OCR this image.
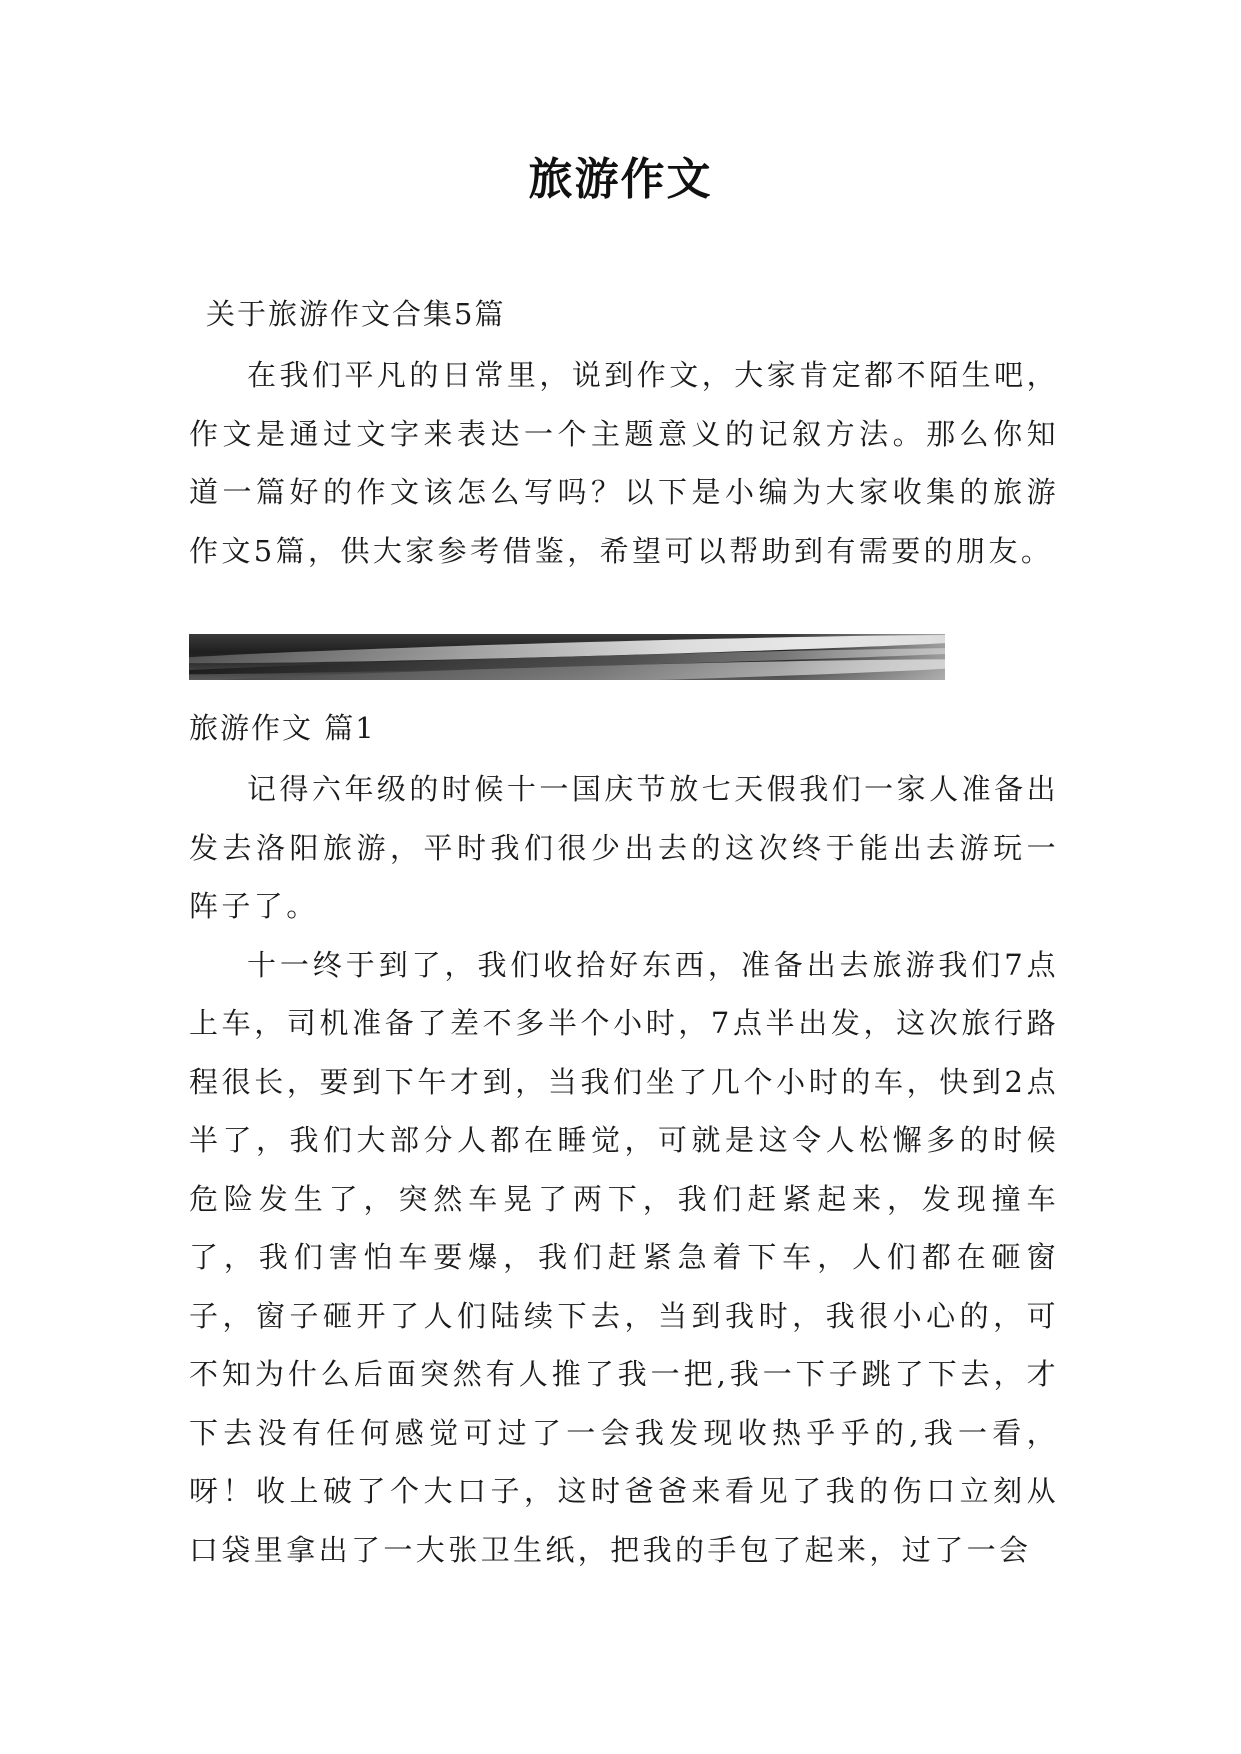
旅游作文
关于旅游作文合集5篇

在我们平凡的日常里，说到作文，大家肯定都不陌生吧，作文是通过文字来表达一个主题意义的记叙方法。那么你知道一篇好的作文该怎么写吗？以下是小编为大家收集的旅游作文5篇，供大家参考借鉴，希望可以帮助到有需要的朋友。

旅游作文 篇1

记得六年级的时候十一国庆节放七天假我们一家人准备出发去洛阳旅游，平时我们很少出去的这次终于能出去游玩一阵子了。

十一终于到了，我们收拾好东西，准备出去旅游我们7点上车，司机准备了差不多半个小时，7点半出发，这次旅行路程很长，要到下午才到，当我们坐了几个小时的车，快到2点半了，我们大部分人都在睡觉，可就是这令人松懈多的时候危险发生了，突然车晃了两下，我们赶紧起来，发现撞车了，我们害怕车要爆，我们赶紧急着下车，人们都在砸窗子，窗子砸开了人们陆续下去，当到我时，我很小心的，可不知为什么后面突然有人推了我一把,我一下子跳了下去，才下去没有任何感觉可过了一会我发现收热乎乎的,我一看，呀！收上破了个大口子，这时爸爸来看见了我的伤口立刻从口袋里拿出了一大张卫生纸，把我的手包了起来，过了一会
